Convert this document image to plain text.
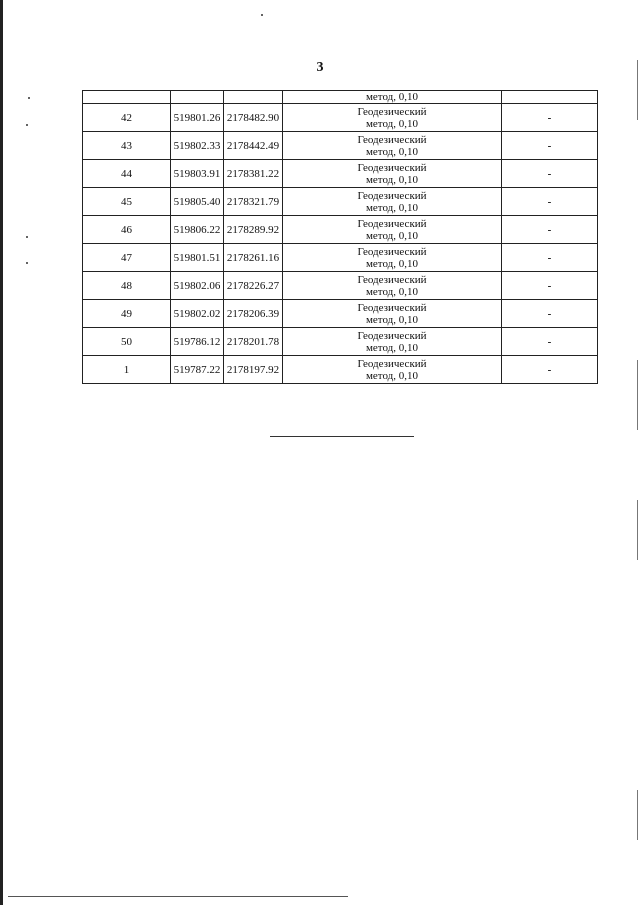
3
			метод, 0,10	
42	519801.26	2178482.90	Геодезический
метод, 0,10	-
43	519802.33	2178442.49	Геодезический
метод, 0,10	-
44	519803.91	2178381.22	Геодезический
метод, 0,10	-
45	519805.40	2178321.79	Геодезический
метод, 0,10	-
46	519806.22	2178289.92	Геодезический
метод, 0,10	-
47	519801.51	2178261.16	Геодезический
метод, 0,10	-
48	519802.06	2178226.27	Геодезический
метод, 0,10	-
49	519802.02	2178206.39	Геодезический
метод, 0,10	-
50	519786.12	2178201.78	Геодезический
метод, 0,10	-
1	519787.22	2178197.92	Геодезический
метод, 0,10	-
